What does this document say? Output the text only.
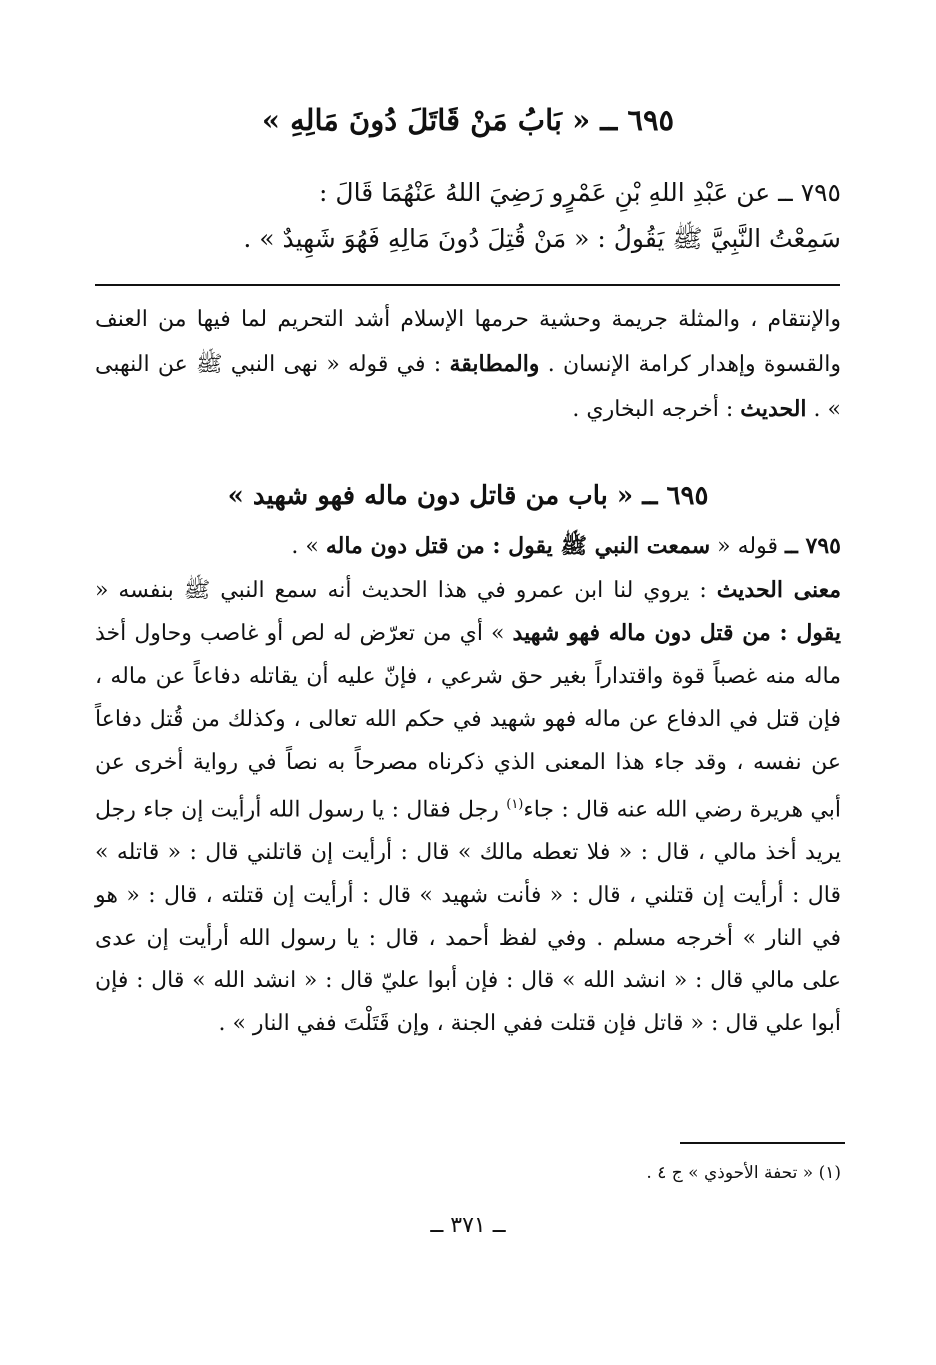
٦٩٥ ــ « بَابُ مَنْ قَاتَلَ دُونَ مَالِهِ »

٧٩٥ ــ عن عَبْدِ اللهِ بْنِ عَمْرٍو رَضِيَ اللهُ عَنْهُمَا قَالَ :

سَمِعْتُ النَّبِيَّ ﷺ يَقُولُ : « مَنْ قُتِلَ دُونَ مَالِهِ فَهُوَ شَهِيدٌ » .

والإنتقام ، والمثلة جريمة وحشية حرمها الإسلام أشد التحريم لما فيها من العنف والقسوة وإهدار كرامة الإنسان . والمطابقة : في قوله « نهى النبي ﷺ عن النهبى » . الحديث : أخرجه البخاري .

٦٩٥ ــ « باب من قاتل دون ماله فهو شهيد »

٧٩٥ ــ قوله « سمعت النبي ﷺ يقول : من قتل دون ماله » .

معنى الحديث : يروي لنا ابن عمرو في هذا الحديث أنه سمع النبي ﷺ بنفسه « يقول : من قتل دون ماله فهو شهيد » أي من تعرّض له لص أو غاصب وحاول أخذ ماله منه غصباً قوة واقتداراً بغير حق شرعي ، فإنّ عليه أن يقاتله دفاعاً عن ماله ، فإن قتل في الدفاع عن ماله فهو شهيد في حكم الله تعالى ، وكذلك من قُتل دفاعاً عن نفسه ، وقد جاء هذا المعنى الذي ذكرناه مصرحاً به نصاً في رواية أخرى عن أبي هريرة رضي الله عنه قال : جاء$^{(١)}$ رجل فقال : يا رسول الله أرأيت إن جاء رجل يريد أخذ مالي ، قال : « فلا تعطه مالك » قال : أرأيت إن قاتلني قال : « قاتله » قال : أرأيت إن قتلني ، قال : « فأنت شهيد » قال : أرأيت إن قتلته ، قال : « هو في النار » أخرجه مسلم . وفي لفظ أحمد ، قال : يا رسول الله أرأيت إن عدى على مالي قال : « انشد الله » قال : فإن أبوا عليّ قال : « انشد الله » قال : فإن أبوا علي قال : « قاتل فإن قتلت ففي الجنة ، وإن قَتَلْتَ ففي النار » .

(١) « تحفة الأحوذي » ج ٤ .

ــ ٣٧١ ــ
